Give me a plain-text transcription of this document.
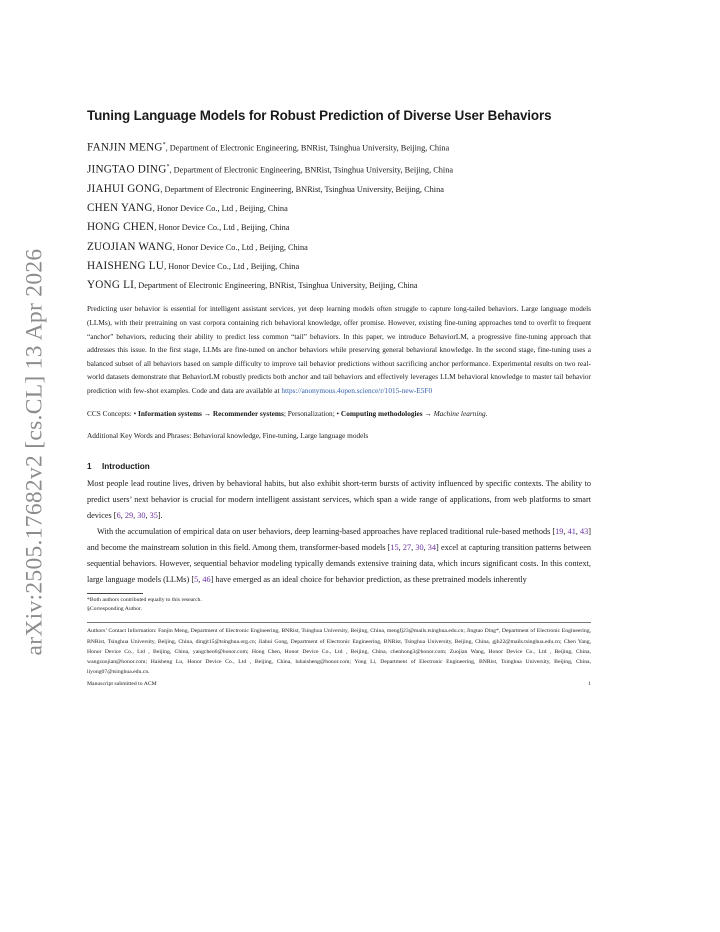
arXiv:2505.17682v2 [cs.CL] 13 Apr 2026
Tuning Language Models for Robust Prediction of Diverse User Behaviors
FANJIN MENG*, Department of Electronic Engineering, BNRist, Tsinghua University, Beijing, China
JINGTAO DING*, Department of Electronic Engineering, BNRist, Tsinghua University, Beijing, China
JIAHUI GONG, Department of Electronic Engineering, BNRist, Tsinghua University, Beijing, China
CHEN YANG, Honor Device Co., Ltd , Beijing, China
HONG CHEN, Honor Device Co., Ltd , Beijing, China
ZUOJIAN WANG, Honor Device Co., Ltd , Beijing, China
HAISHENG LU, Honor Device Co., Ltd , Beijing, China
YONG LI, Department of Electronic Engineering, BNRist, Tsinghua University, Beijing, China

Predicting user behavior is essential for intelligent assistant services, yet deep learning models often struggle to capture long-tailed behaviors. Large language models (LLMs), with their pretraining on vast corpora containing rich behavioral knowledge, offer promise. However, existing fine-tuning approaches tend to overfit to frequent “anchor” behaviors, reducing their ability to predict less common “tail” behaviors. In this paper, we introduce BehaviorLM, a progressive fine-tuning approach that addresses this issue. In the first stage, LLMs are fine-tuned on anchor behaviors while preserving general behavioral knowledge. In the second stage, fine-tuning uses a balanced subset of all behaviors based on sample difficulty to improve tail behavior predictions without sacrificing anchor performance. Experimental results on two real-world datasets demonstrate that BehaviorLM robustly predicts both anchor and tail behaviors and effectively leverages LLM behavioral knowledge to master tail behavior prediction with few-shot examples. Code and data are available at https://anonymous.4open.science/r/1015-new-E5F0

CCS Concepts: • Information systems → Recommender systems; Personalization; • Computing methodologies → Machine learning.

Additional Key Words and Phrases: Behavioral knowledge, Fine-tuning, Large language models

1 Introduction

Most people lead routine lives, driven by behavioral habits, but also exhibit short-term bursts of activity influenced by specific contexts. The ability to predict users’ next behavior is crucial for modern intelligent assistant services, which span a wide range of applications, from web platforms to smart devices [6, 29, 30, 35].

With the accumulation of empirical data on user behaviors, deep learning-based approaches have replaced traditional rule-based methods [19, 41, 43] and become the mainstream solution in this field. Among them, transformer-based models [15, 27, 30, 34] excel at capturing transition patterns between sequential behaviors. However, sequential behavior modeling typically demands extensive training data, which incurs significant costs. In this context, large language models (LLMs) [5, 46] have emerged as an ideal choice for behavior prediction, as these pretrained models inherently

*Both authors contributed equally to this research.

§Corresponding Author.

Authors’ Contact Information: Fanjin Meng, Department of Electronic Engineering, BNRist, Tsinghua University, Beijing, China, mengfj23@mails.tsinghua.edu.cn; Jingtao Ding*, Department of Electronic Engineering, BNRist, Tsinghua University, Beijing, China, dingjt15@tsinghua.org.cn; Jiahui Gong, Department of Electronic Engineering, BNRist, Tsinghua University, Beijing, China, gjh22@mails.tsinghua.edu.cn; Chen Yang, Honor Device Co., Ltd , Beijing, China, yangchen6@honor.com; Hong Chen, Honor Device Co., Ltd , Beijing, China, chenhong3@honor.com; Zuojian Wang, Honor Device Co., Ltd , Beijing, China, wangzuojian@honor.com; Haisheng Lu, Honor Device Co., Ltd , Beijing, China, luhaisheng@honor.com; Yong Li, Department of Electronic Engineering, BNRist, Tsinghua University, Beijing, China, liyong07@tsinghua.edu.cn.

Manuscript submitted to ACM	1
